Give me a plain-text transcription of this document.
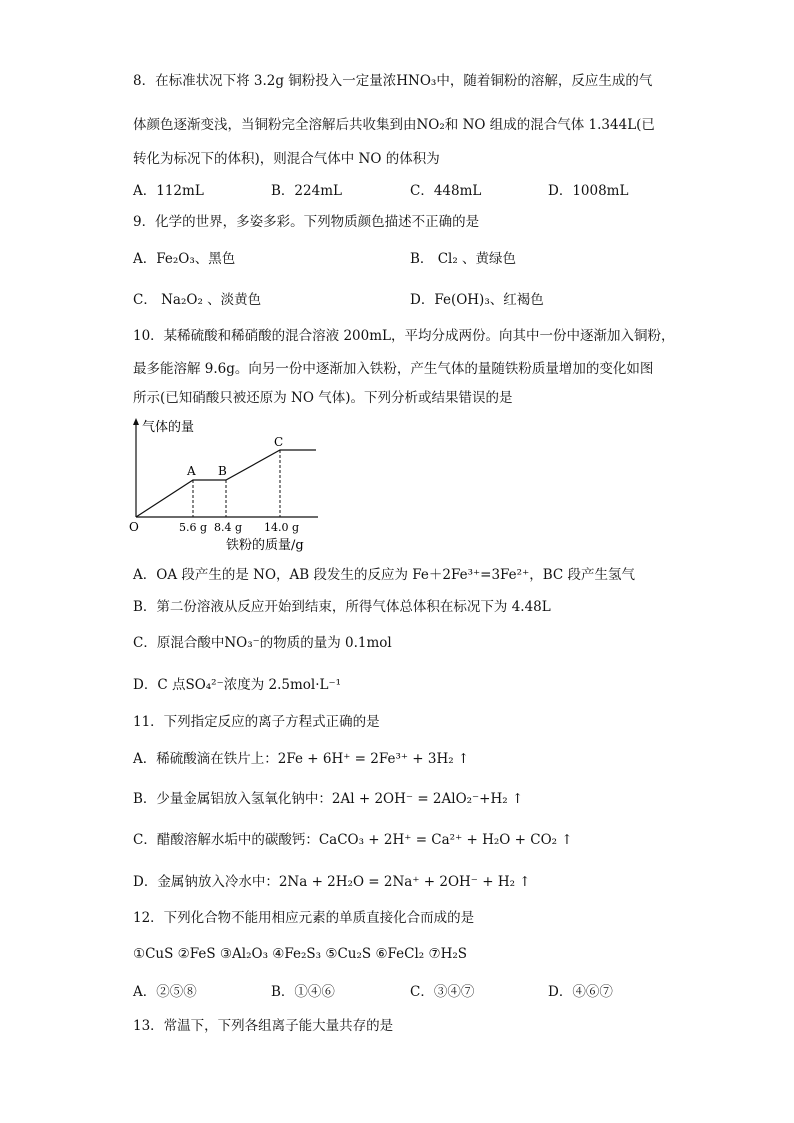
8．在标准状况下将 3.2g 铜粉投入一定量浓HNO₃中，随着铜粉的溶解，反应生成的气
体颜色逐渐变浅，当铜粉完全溶解后共收集到由NO₂和 NO 组成的混合气体 1.344L(已
转化为标况下的体积)，则混合气体中 NO 的体积为
A．112mL	B．224mL	C．448mL	D．1008mL
9．化学的世界，多姿多彩。下列物质颜色描述不正确的是
A．Fe₂O₃、黑色	B． Cl₂ 、黄绿色
C． Na₂O₂ 、淡黄色	D．Fe(OH)₃、红褐色
10．某稀硫酸和稀硝酸的混合溶液 200mL，平均分成两份。向其中一份中逐渐加入铜粉，
最多能溶解 9.6g。向另一份中逐渐加入铁粉，产生气体的量随铁粉质量增加的变化如图
所示(已知硝酸只被还原为 NO 气体)。下列分析或结果错误的是
气体的量
O
A B
C
5.6 g 8.4 g 14.0 g
铁粉的质量/g
A．OA 段产生的是 NO，AB 段发生的反应为 Fe＋2Fe³⁺=3Fe²⁺，BC 段产生氢气
B．第二份溶液从反应开始到结束，所得气体总体积在标况下为 4.48L
C．原混合酸中NO₃⁻的物质的量为 0.1mol
D．C 点SO₄²⁻浓度为 2.5mol·L⁻¹
11．下列指定反应的离子方程式正确的是
A．稀硫酸滴在铁片上：2Fe + 6H⁺ = 2Fe³⁺ + 3H₂ ↑
B．少量金属铝放入氢氧化钠中：2Al + 2OH⁻ = 2AlO₂⁻+H₂ ↑
C．醋酸溶解水垢中的碳酸钙：CaCO₃ + 2H⁺ = Ca²⁺ + H₂O + CO₂ ↑
D．金属钠放入冷水中：2Na + 2H₂O = 2Na⁺ + 2OH⁻ + H₂ ↑
12．下列化合物不能用相应元素的单质直接化合而成的是
①CuS ②FeS ③Al₂O₃ ④Fe₂S₃ ⑤Cu₂S ⑥FeCl₂ ⑦H₂S
A．②⑤⑧	B．①④⑥	C．③④⑦	D．④⑥⑦
13．常温下，下列各组离子能大量共存的是
